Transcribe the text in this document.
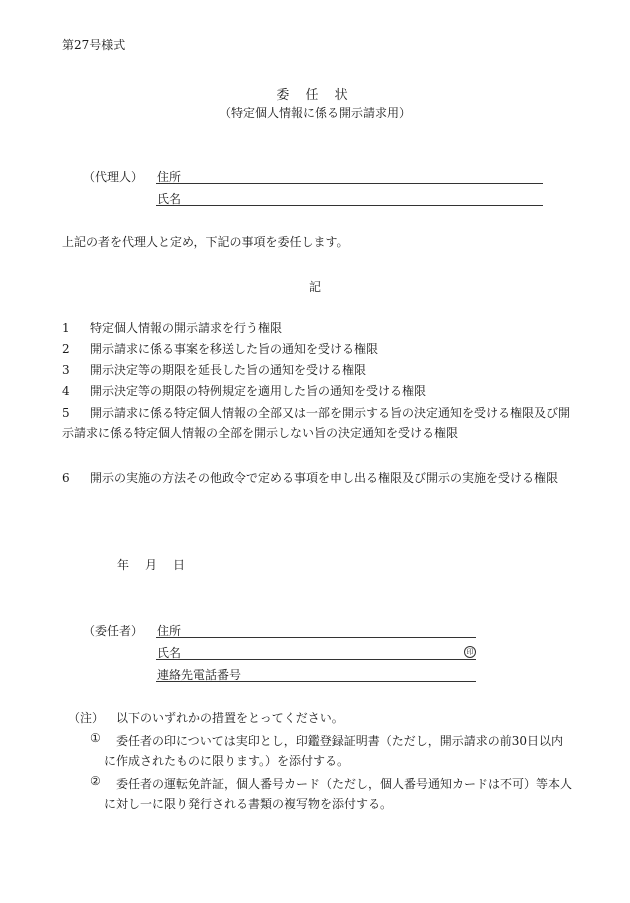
第27号様式
委 任 状
（特定個人情報に係る開示請求用）
（代理人） 住所
氏名
上記の者を代理人と定め，下記の事項を委任します。
記
1 特定個人情報の開示請求を行う権限
2 開示請求に係る事案を移送した旨の通知を受ける権限
3 開示決定等の期限を延長した旨の通知を受ける権限
4 開示決定等の期限の特例規定を適用した旨の通知を受ける権限
5 開示請求に係る特定個人情報の全部又は一部を開示する旨の決定通知を受ける権限及び開示請求に係る特定個人情報の全部を開示しない旨の決定通知を受ける権限
6 開示の実施の方法その他政令で定める事項を申し出る権限及び開示の実施を受ける権限
年 月 日
（委任者） 住所
氏名	印
連絡先電話番号
（注） 以下のいずれかの措置をとってください。
①	委任者の印については実印とし，印鑑登録証明書（ただし，開示請求の前30日以内に作成されたものに限ります。）を添付する。
②	委任者の運転免許証，個人番号カード（ただし，個人番号通知カードは不可）等本人に対し一に限り発行される書類の複写物を添付する。
